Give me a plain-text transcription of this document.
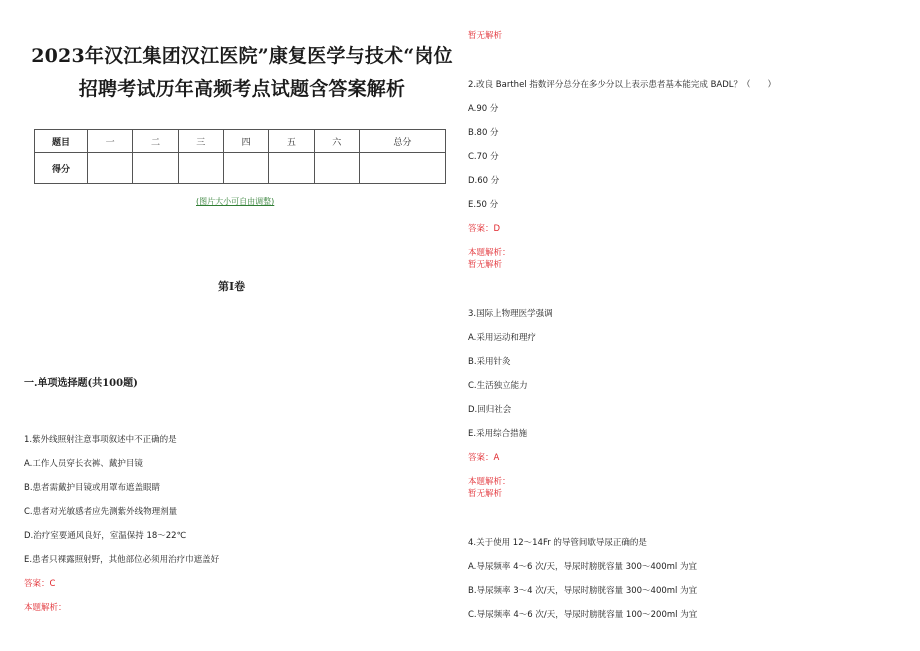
2023年汉江集团汉江医院”康复医学与技术“岗位招聘考试历年高频考点试题含答案解析
题目	一	二	三	四	五	六	总分
得分							
(图片大小可自由调整)
第Ⅰ卷
一.单项选择题(共100题)
1.紫外线照射注意事项叙述中不正确的是
A.工作人员穿长衣裤、戴护目镜
B.患者需戴护目镜或用罩布遮盖眼睛
C.患者对光敏感者应先测紫外线物理剂量
D.治疗室要通风良好，室温保持 18～22℃
E.患者只裸露照射野，其他部位必须用治疗巾遮盖好
答案：C
本题解析：
暂无解析
2.改良 Barthel 指数评分总分在多少分以上表示患者基本能完成 BADL？（　　）
A.90 分
B.80 分
C.70 分
D.60 分
E.50 分
答案：D
本题解析：
暂无解析
3.国际上物理医学强调
A.采用运动和理疗
B.采用针灸
C.生活独立能力
D.回归社会
E.采用综合措施
答案：A
本题解析：
暂无解析
4.关于使用 12～14Fr 的导管间歇导尿正确的是
A.导尿频率 4～6 次/天，导尿时膀胱容量 300～400ml 为宜
B.导尿频率 3～4 次/天，导尿时膀胱容量 300～400ml 为宜
C.导尿频率 4～6 次/天，导尿时膀胱容量 100～200ml 为宜
